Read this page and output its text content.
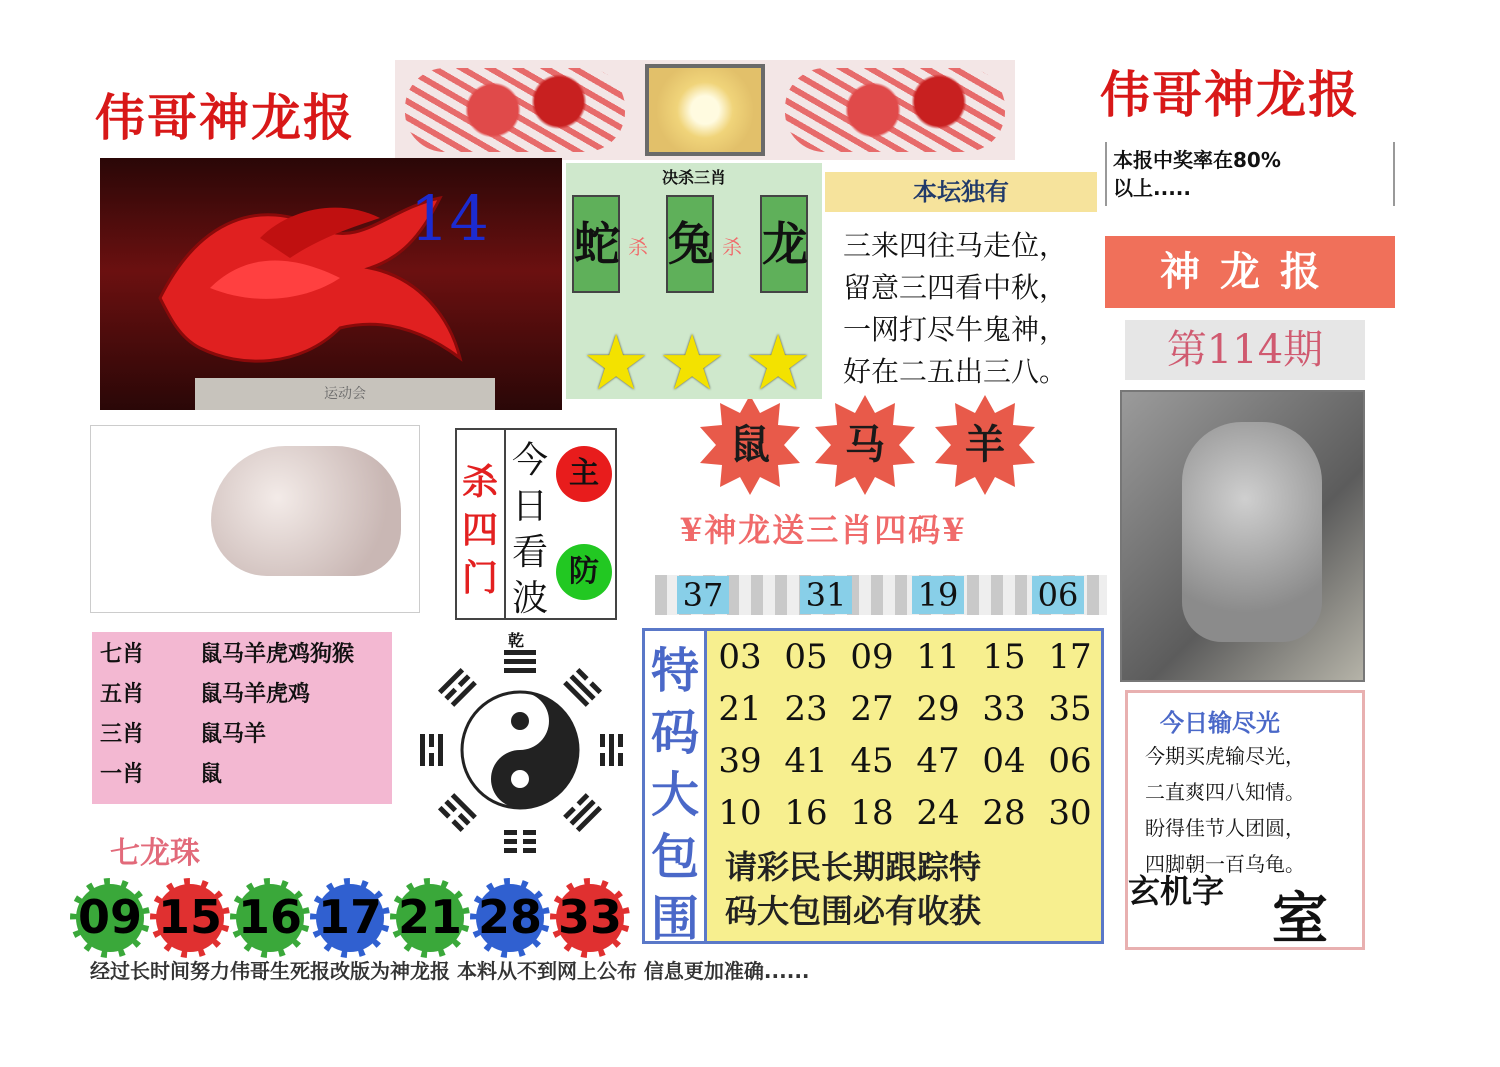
伟哥神龙报	伟哥神龙报
14
运动会
决杀三肖
蛇 杀 兔 杀 龙
★ ★ ★
本坛独有
三来四往马走位，
留意三四看中秋，
一网打尽牛鬼神，
好在二五出三八。
本报中奖率在80%
以上.....
神龙报
第114期
今日输尽光
今期买虎输尽光，
二直爽四八知情。
盼得佳节人团圆，
四脚朝一百乌龟。
玄机字 室
杀四门
今日看波
主
防
七肖	鼠马羊虎鸡狗猴
五肖	鼠马羊虎鸡
三肖	鼠马羊
一肖	鼠
七龙珠
乾
鼠	马	羊
¥神龙送三肖四码¥
37	31	19	06
特
码
大
包
围
03 05 09 11 15 17
21 23 27 29 33 35
39 41 45 47 04 06
10 16 18 24 28 30
请彩民长期跟踪特
码大包围必有收获
09 15 16 17 21 28 33
经过长时间努力伟哥生死报改版为神龙报 本料从不到网上公布 信息更加准确......
